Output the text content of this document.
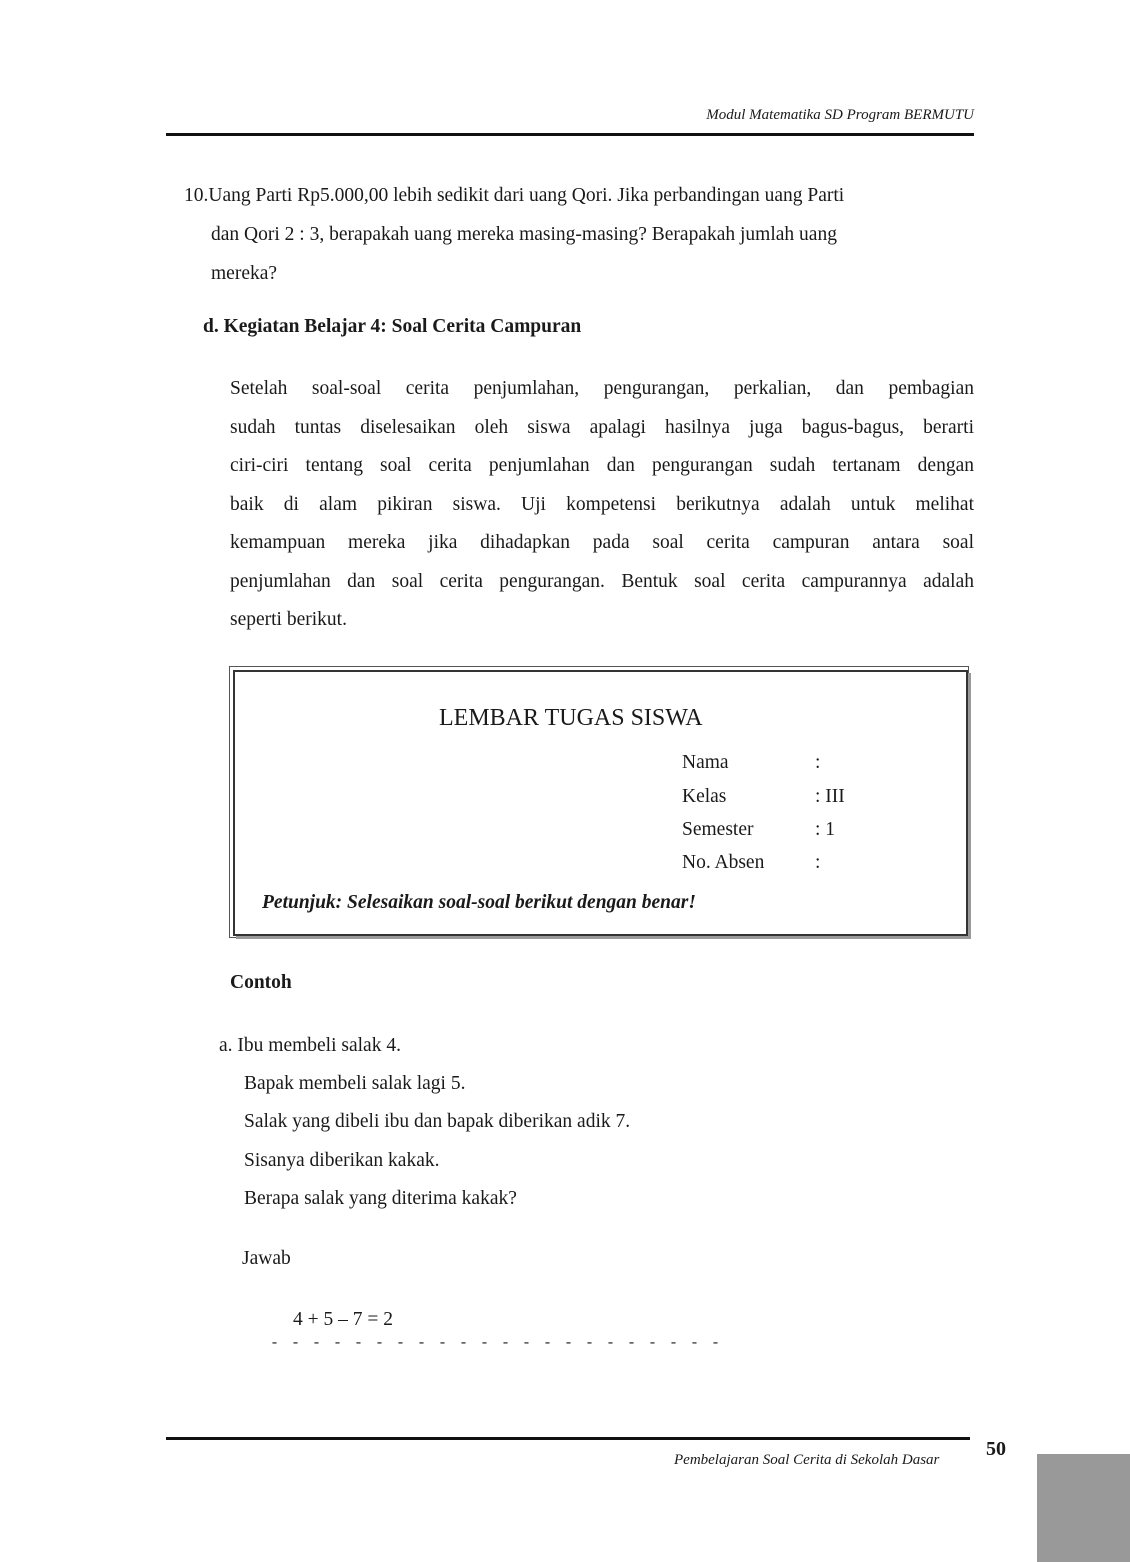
Modul Matematika SD Program BERMUTU
10.Uang Parti Rp5.000,00 lebih sedikit dari uang Qori. Jika perbandingan uang Parti
dan Qori 2 : 3, berapakah uang mereka masing-masing? Berapakah jumlah uang
mereka?
d. Kegiatan Belajar 4: Soal Cerita Campuran
Setelah soal-soal cerita penjumlahan, pengurangan, perkalian, dan pembagian
sudah tuntas diselesaikan oleh siswa apalagi hasilnya juga bagus-bagus, berarti
ciri-ciri tentang soal cerita penjumlahan dan pengurangan sudah tertanam dengan
baik di alam pikiran siswa. Uji kompetensi berikutnya adalah untuk melihat
kemampuan mereka jika dihadapkan pada soal cerita campuran antara soal
penjumlahan dan soal cerita pengurangan. Bentuk soal cerita campurannya adalah
seperti berikut.
LEMBAR TUGAS SISWA
Nama	:
Kelas	: III
Semester	: 1
No. Absen	:
Petunjuk: Selesaikan soal-soal berikut dengan benar!
Contoh
a. Ibu membeli salak 4.
Bapak membeli salak lagi 5.
Salak yang dibeli ibu dan bapak diberikan adik 7.
Sisanya diberikan kakak.
Berapa salak yang diterima kakak?
Jawab
4 + 5 – 7 = 2
- - - - - - - - - - - - - - - - - - - - - -
Pembelajaran Soal Cerita di Sekolah Dasar 50
